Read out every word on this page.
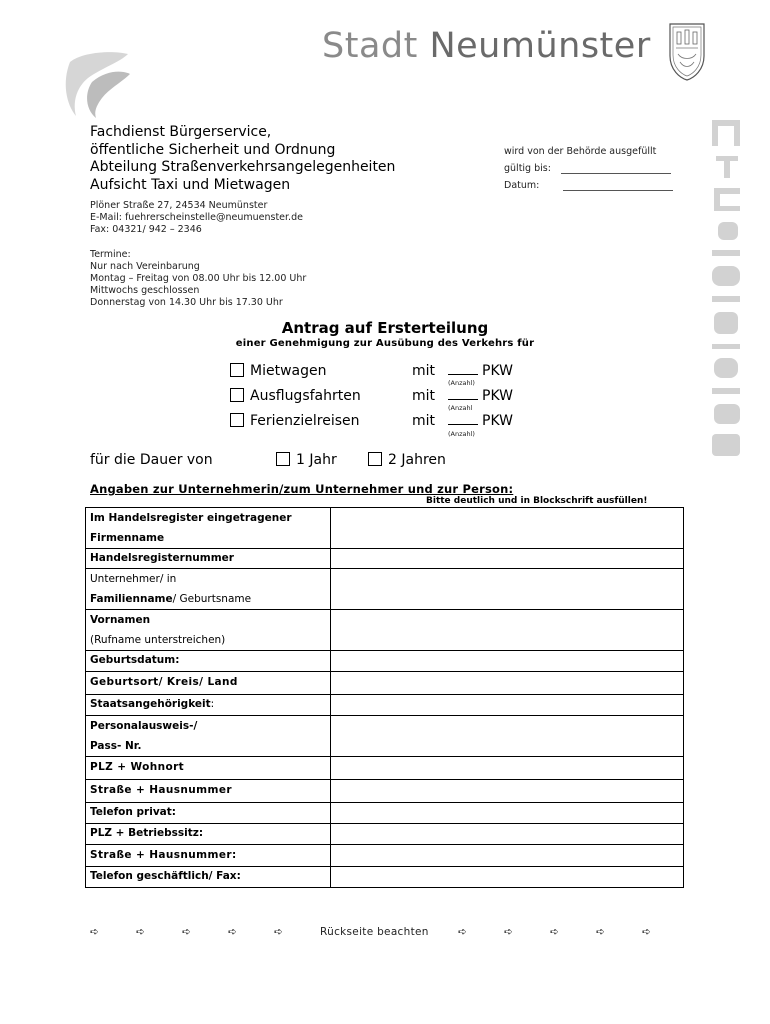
Stadt Neumünster
Fachdienst Bürgerservice,
öffentliche Sicherheit und Ordnung
Abteilung Straßenverkehrsangelegenheiten
Aufsicht Taxi und Mietwagen
wird von der Behörde ausgefüllt
gültig bis:
Datum:
Plöner Straße 27, 24534 Neumünster
E-Mail: fuehrerscheinstelle@neumuenster.de
Fax: 04321/ 942 – 2346
Termine:
Nur nach Vereinbarung
Montag – Freitag von 08.00 Uhr bis 12.00 Uhr
Mittwochs geschlossen
Donnerstag von 14.30 Uhr bis 17.30 Uhr
Antrag auf Ersterteilung
einer Genehmigung zur Ausübung des Verkehrs für
Mietwagen	mit	PKW
(Anzahl)
Ausflugsfahrten	mit	PKW
(Anzahl
Ferienzielreisen	mit	PKW
(Anzahl)
für die Dauer von	1 Jahr	2 Jahren
Angaben zur Unternehmerin/zum Unternehmer und zur Person:
Bitte deutlich und in Blockschrift ausfüllen!
Im Handelsregister eingetragener
Firmenname	

Handelsregisternummer	

Unternehmer/ in
Familienname/ Geburtsname	

Vornamen
(Rufname unterstreichen)	

Geburtsdatum:	
Geburtsort/ Kreis/ Land	
Staatsangehörigkeit:	

Personalausweis-/
Pass- Nr.	

PLZ + Wohnort	
Straße + Hausnummer	
Telefon privat:	
PLZ + Betriebssitz:	
Straße + Hausnummer:	
Telefon geschäftlich/ Fax:	
➪	➪	➪	➪	➪	Rückseite beachten	➪	➪	➪	➪	➪
